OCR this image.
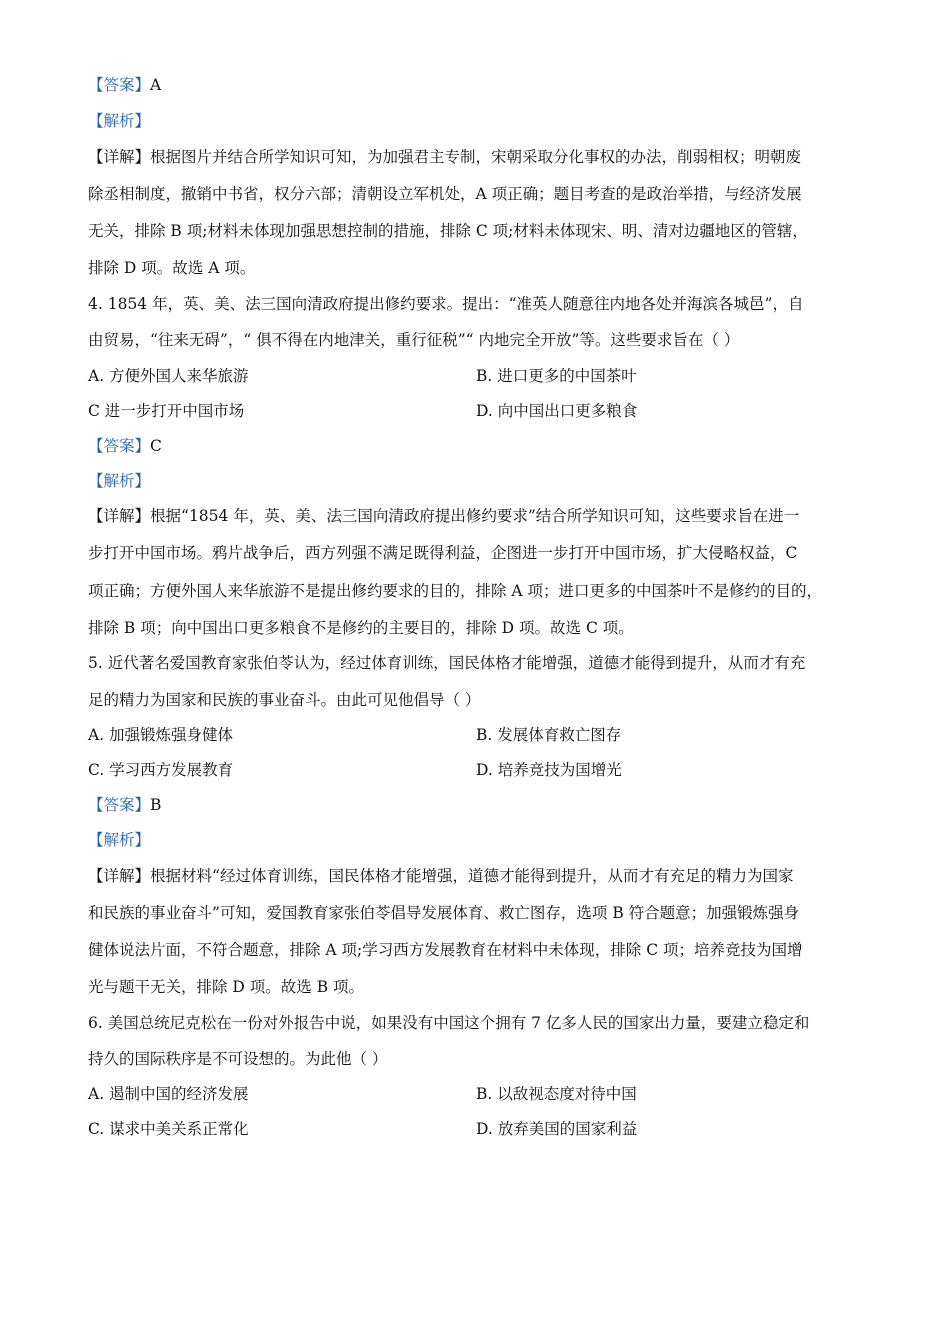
【答案】A
【解析】
【详解】根据图片并结合所学知识可知，为加强君主专制，宋朝采取分化事权的办法，削弱相权；明朝废
除丞相制度，撤销中书省，权分六部；清朝设立军机处，A 项正确；题目考查的是政治举措，与经济发展
无关，排除 B 项;材料未体现加强思想控制的措施，排除 C 项;材料未体现宋、明、清对边疆地区的管辖，
排除 D 项。故选 A 项。
4. 1854 年，英、美、法三国向清政府提出修约要求。提出：“准英人随意往内地各处并海滨各城邑”，自
由贸易，“往来无碍”，“ 俱不得在内地津关，重行征税”“ 内地完全开放”等。这些要求旨在（ ）
A. 方便外国人来华旅游	B. 进口更多的中国茶叶
C 进一步打开中国市场	D. 向中国出口更多粮食
【答案】C
【解析】
【详解】根据“1854 年，英、美、法三国向清政府提出修约要求”结合所学知识可知，这些要求旨在进一
步打开中国市场。鸦片战争后，西方列强不满足既得利益，企图进一步打开中国市场，扩大侵略权益，C
项正确；方便外国人来华旅游不是提出修约要求的目的，排除 A 项；进口更多的中国茶叶不是修约的目的，
排除 B 项；向中国出口更多粮食不是修约的主要目的，排除 D 项。故选 C 项。
5. 近代著名爱国教育家张伯苓认为，经过体育训练，国民体格才能增强，道德才能得到提升，从而才有充
足的精力为国家和民族的事业奋斗。由此可见他倡导（ ）
A. 加强锻炼强身健体	B. 发展体育救亡图存
C. 学习西方发展教育	D. 培养竞技为国增光
【答案】B
【解析】
【详解】根据材料“经过体育训练，国民体格才能增强，道德才能得到提升，从而才有充足的精力为国家
和民族的事业奋斗”可知，爱国教育家张伯苓倡导发展体育、救亡图存，选项 B 符合题意；加强锻炼强身
健体说法片面，不符合题意，排除 A 项;学习西方发展教育在材料中未体现，排除 C 项；培养竞技为国增
光与题干无关，排除 D 项。故选 B 项。
6. 美国总统尼克松在一份对外报告中说，如果没有中国这个拥有 7 亿多人民的国家出力量，要建立稳定和
持久的国际秩序是不可设想的。为此他（ ）
A. 遏制中国的经济发展	B. 以敌视态度对待中国
C. 谋求中美关系正常化	D. 放弃美国的国家利益
